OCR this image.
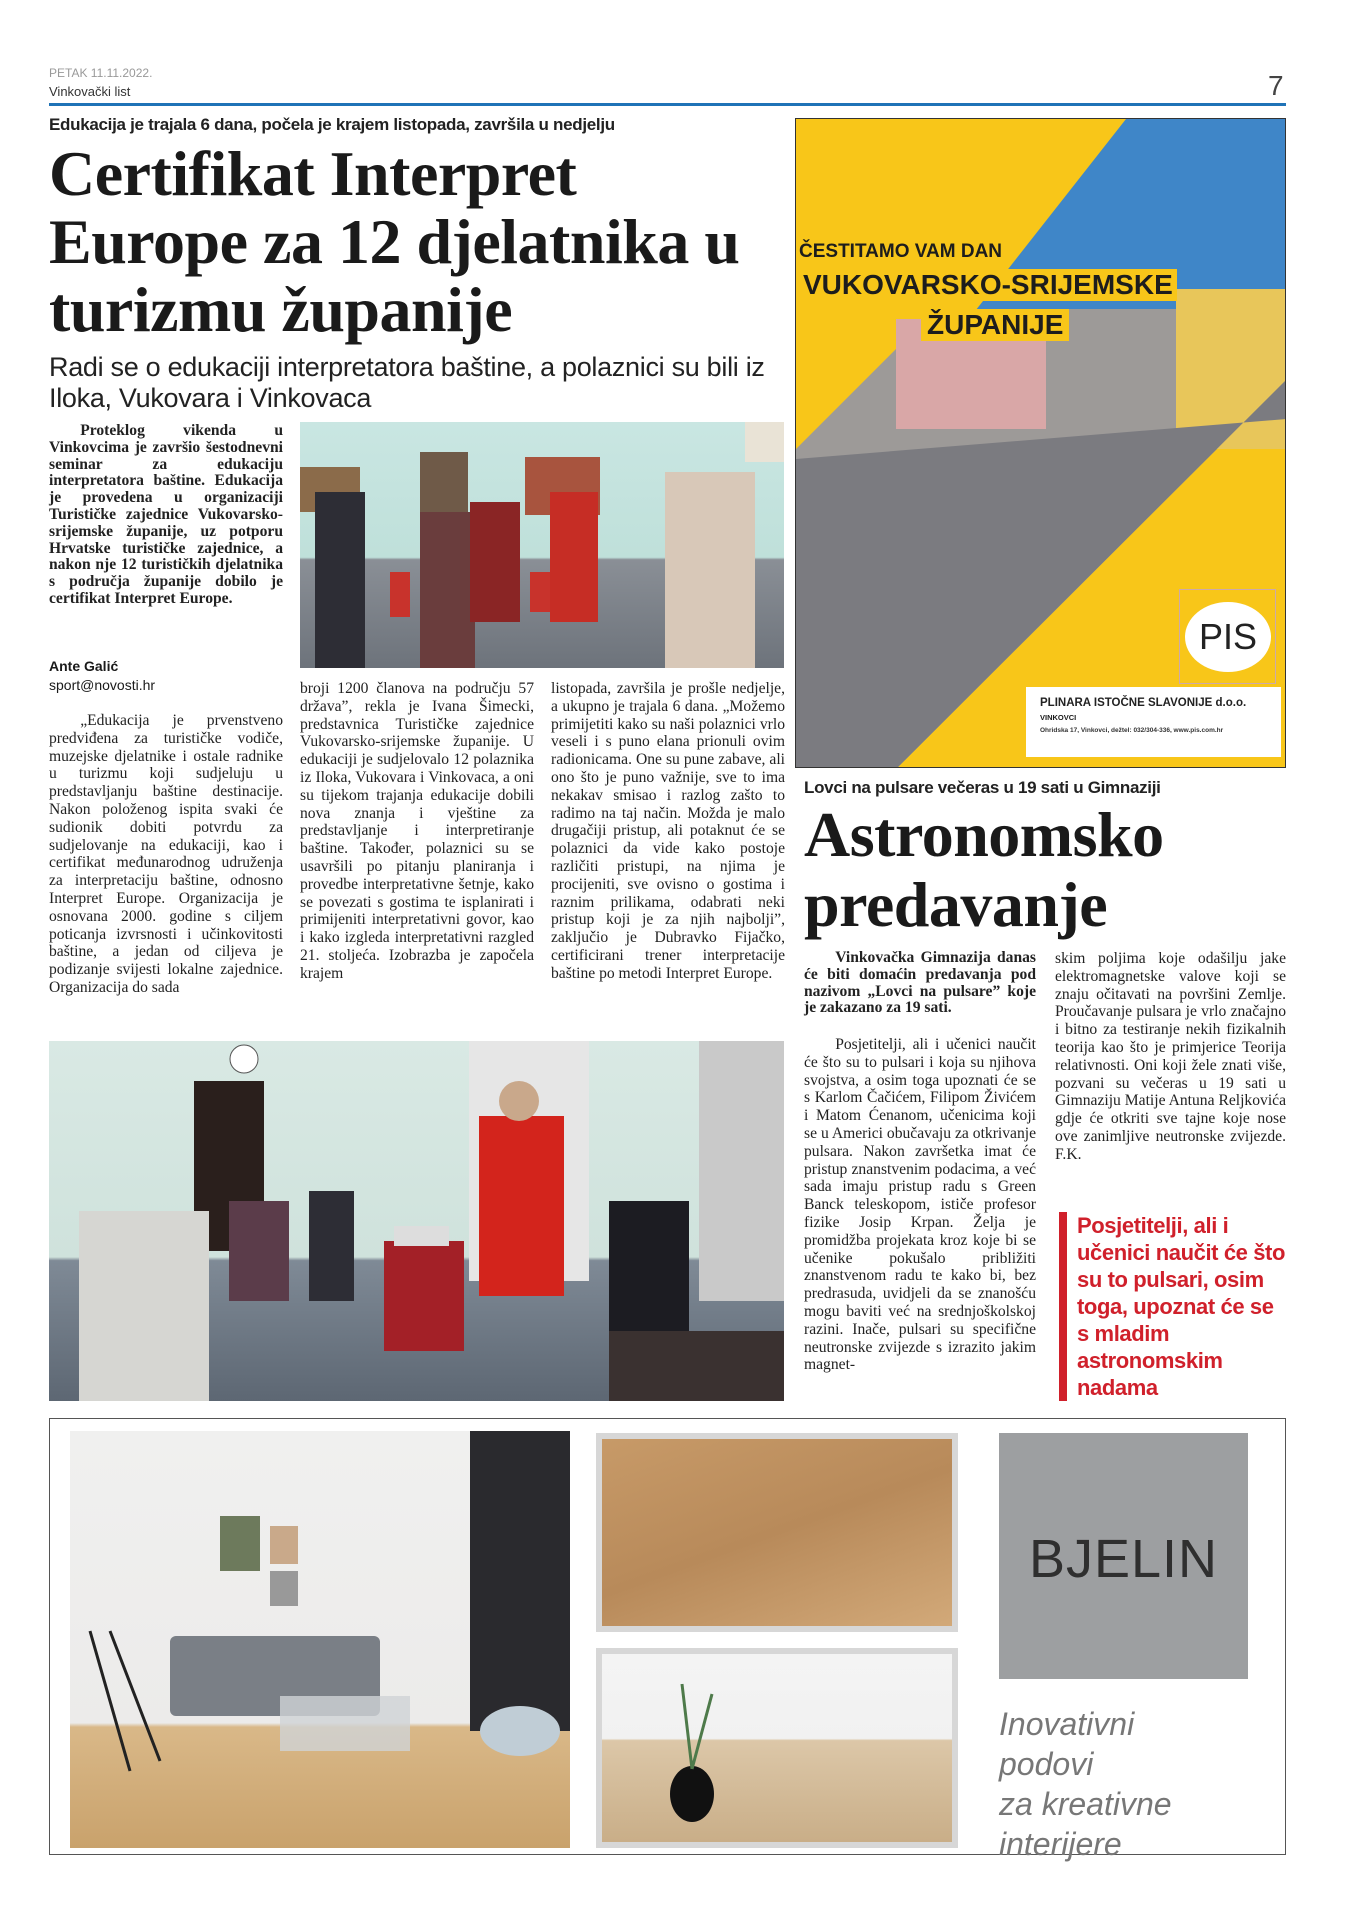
PETAK 11.11.2022.
Vinkovački list	7
Edukacija je trajala 6 dana, počela je krajem listopada, završila u nedjelju
Certifikat Interpret Europe za 12 djelatnika u turizmu županije
Radi se o edukaciji interpretatora baštine, a polaznici su bili iz Iloka, Vukovara i Vinkovaca
Proteklog vikenda u Vinkovcima je završio šestodnevni seminar za edukaciju interpretatora baštine. Edukacija je provedena u organizaciji Turističke zajednice Vukovarsko-srijemske županije, uz potporu Hrvatske turističke zajednice, a nakon nje 12 turističkih djelatnika s područja županije dobilo je certifikat Interpret Europe.
Ante Galić
sport@novosti.hr
„Edukacija je prvenstveno predviđena za turističke vodiče, muzejske djelatnike i ostale radnike u turizmu koji sudjeluju u predstavljanju baštine destinacije. Nakon položenog ispita svaki će sudionik dobiti potvrdu za sudjelovanje na edukaciji, kao i certifikat međunarodnog udruženja za interpretaciju baštine, odnosno Interpret Europe. Organizacija je osnovana 2000. godine s ciljem poticanja izvrsnosti i učinkovitosti baštine, a jedan od ciljeva je podizanje svijesti lokalne zajednice. Organizacija do sada
broji 1200 članova na području 57 država”, rekla je Ivana Šimecki, predstavnica Turističke zajednice Vukovarsko-srijemske županije. U edukaciji je sudjelovalo 12 polaznika iz Iloka, Vukovara i Vinkovaca, a oni su tijekom trajanja edukacije dobili nova znanja i vještine za predstavljanje i interpretiranje baštine. Također, polaznici su se usavršili po pitanju planiranja i provedbe interpretativne šetnje, kako se povezati s gostima te isplanirati i primijeniti interpretativni govor, kao i kako izgleda interpretativni razgled 21. stoljeća. Izobrazba je započela krajem
listopada, završila je prošle nedjelje, a ukupno je trajala 6 dana. „Možemo primijetiti kako su naši polaznici vrlo veseli i s puno elana prionuli ovim radionicama. One su pune zabave, ali ono što je puno važnije, sve to ima nekakav smisao i razlog zašto to radimo na taj način. Možda je malo drugačiji pristup, ali potaknut će se polaznici da vide kako postoje različiti pristupi, na njima je procijeniti, sve ovisno o gostima i raznim prilikama, odabrati neki pristup koji je za njih najbolji”, zaključio je Dubravko Fijačko, certificirani trener interpretacije baštine po metodi Interpret Europe.
ČESTITAMO VAM DAN
VUKOVARSKO-SRIJEMSKE
ŽUPANIJE
PIS
PLINARA ISTOČNE SLAVONIJE d.o.o.
VINKOVCI
Ohridska 17, Vinkovci, dežtel: 032/304-336, www.pis.com.hr
Lovci na pulsare večeras u 19 sati u Gimnaziji
Astronomsko predavanje
Vinkovačka Gimnazija danas će biti domaćin predavanja pod nazivom „Lovci na pulsare” koje je zakazano za 19 sati.
Posjetitelji, ali i učenici naučit će što su to pulsari i koja su njihova svojstva, a osim toga upoznati će se s Karlom Čačićem, Filipom Živićem i Matom Ćenanom, učenicima koji se u Americi obučavaju za otkrivanje pulsara. Nakon završetka imat će pristup znanstvenim podacima, a već sada imaju pristup radu s Green Banck teleskopom, ističe profesor fizike Josip Krpan. Želja je promidžba projekata kroz koje bi se učenike pokušalo približiti znanstvenom radu te kako bi, bez predrasuda, uvidjeli da se znanošću mogu baviti već na srednjoškolskoj razini. Inače, pulsari su specifične neutronske zvijezde s izrazito jakim magnet-
skim poljima koje odašilju jake elektromagnetske valove koji se znaju očitavati na površini Zemlje. Proučavanje pulsara je vrlo značajno i bitno za testiranje nekih fizikalnih teorija kao što je primjerice Teorija relativnosti. Oni koji žele znati više, pozvani su večeras u 19 sati u Gimnaziju Matije Antuna Reljkovića gdje će otkriti sve tajne koje nose ove zanimljive neutronske zvijezde. F.K.
Posjetitelji, ali i učenici naučit će što su to pulsari, osim toga, upoznat će se s mladim astronomskim nadama
BJELIN
Inovativni
podovi
za kreativne
interijere
